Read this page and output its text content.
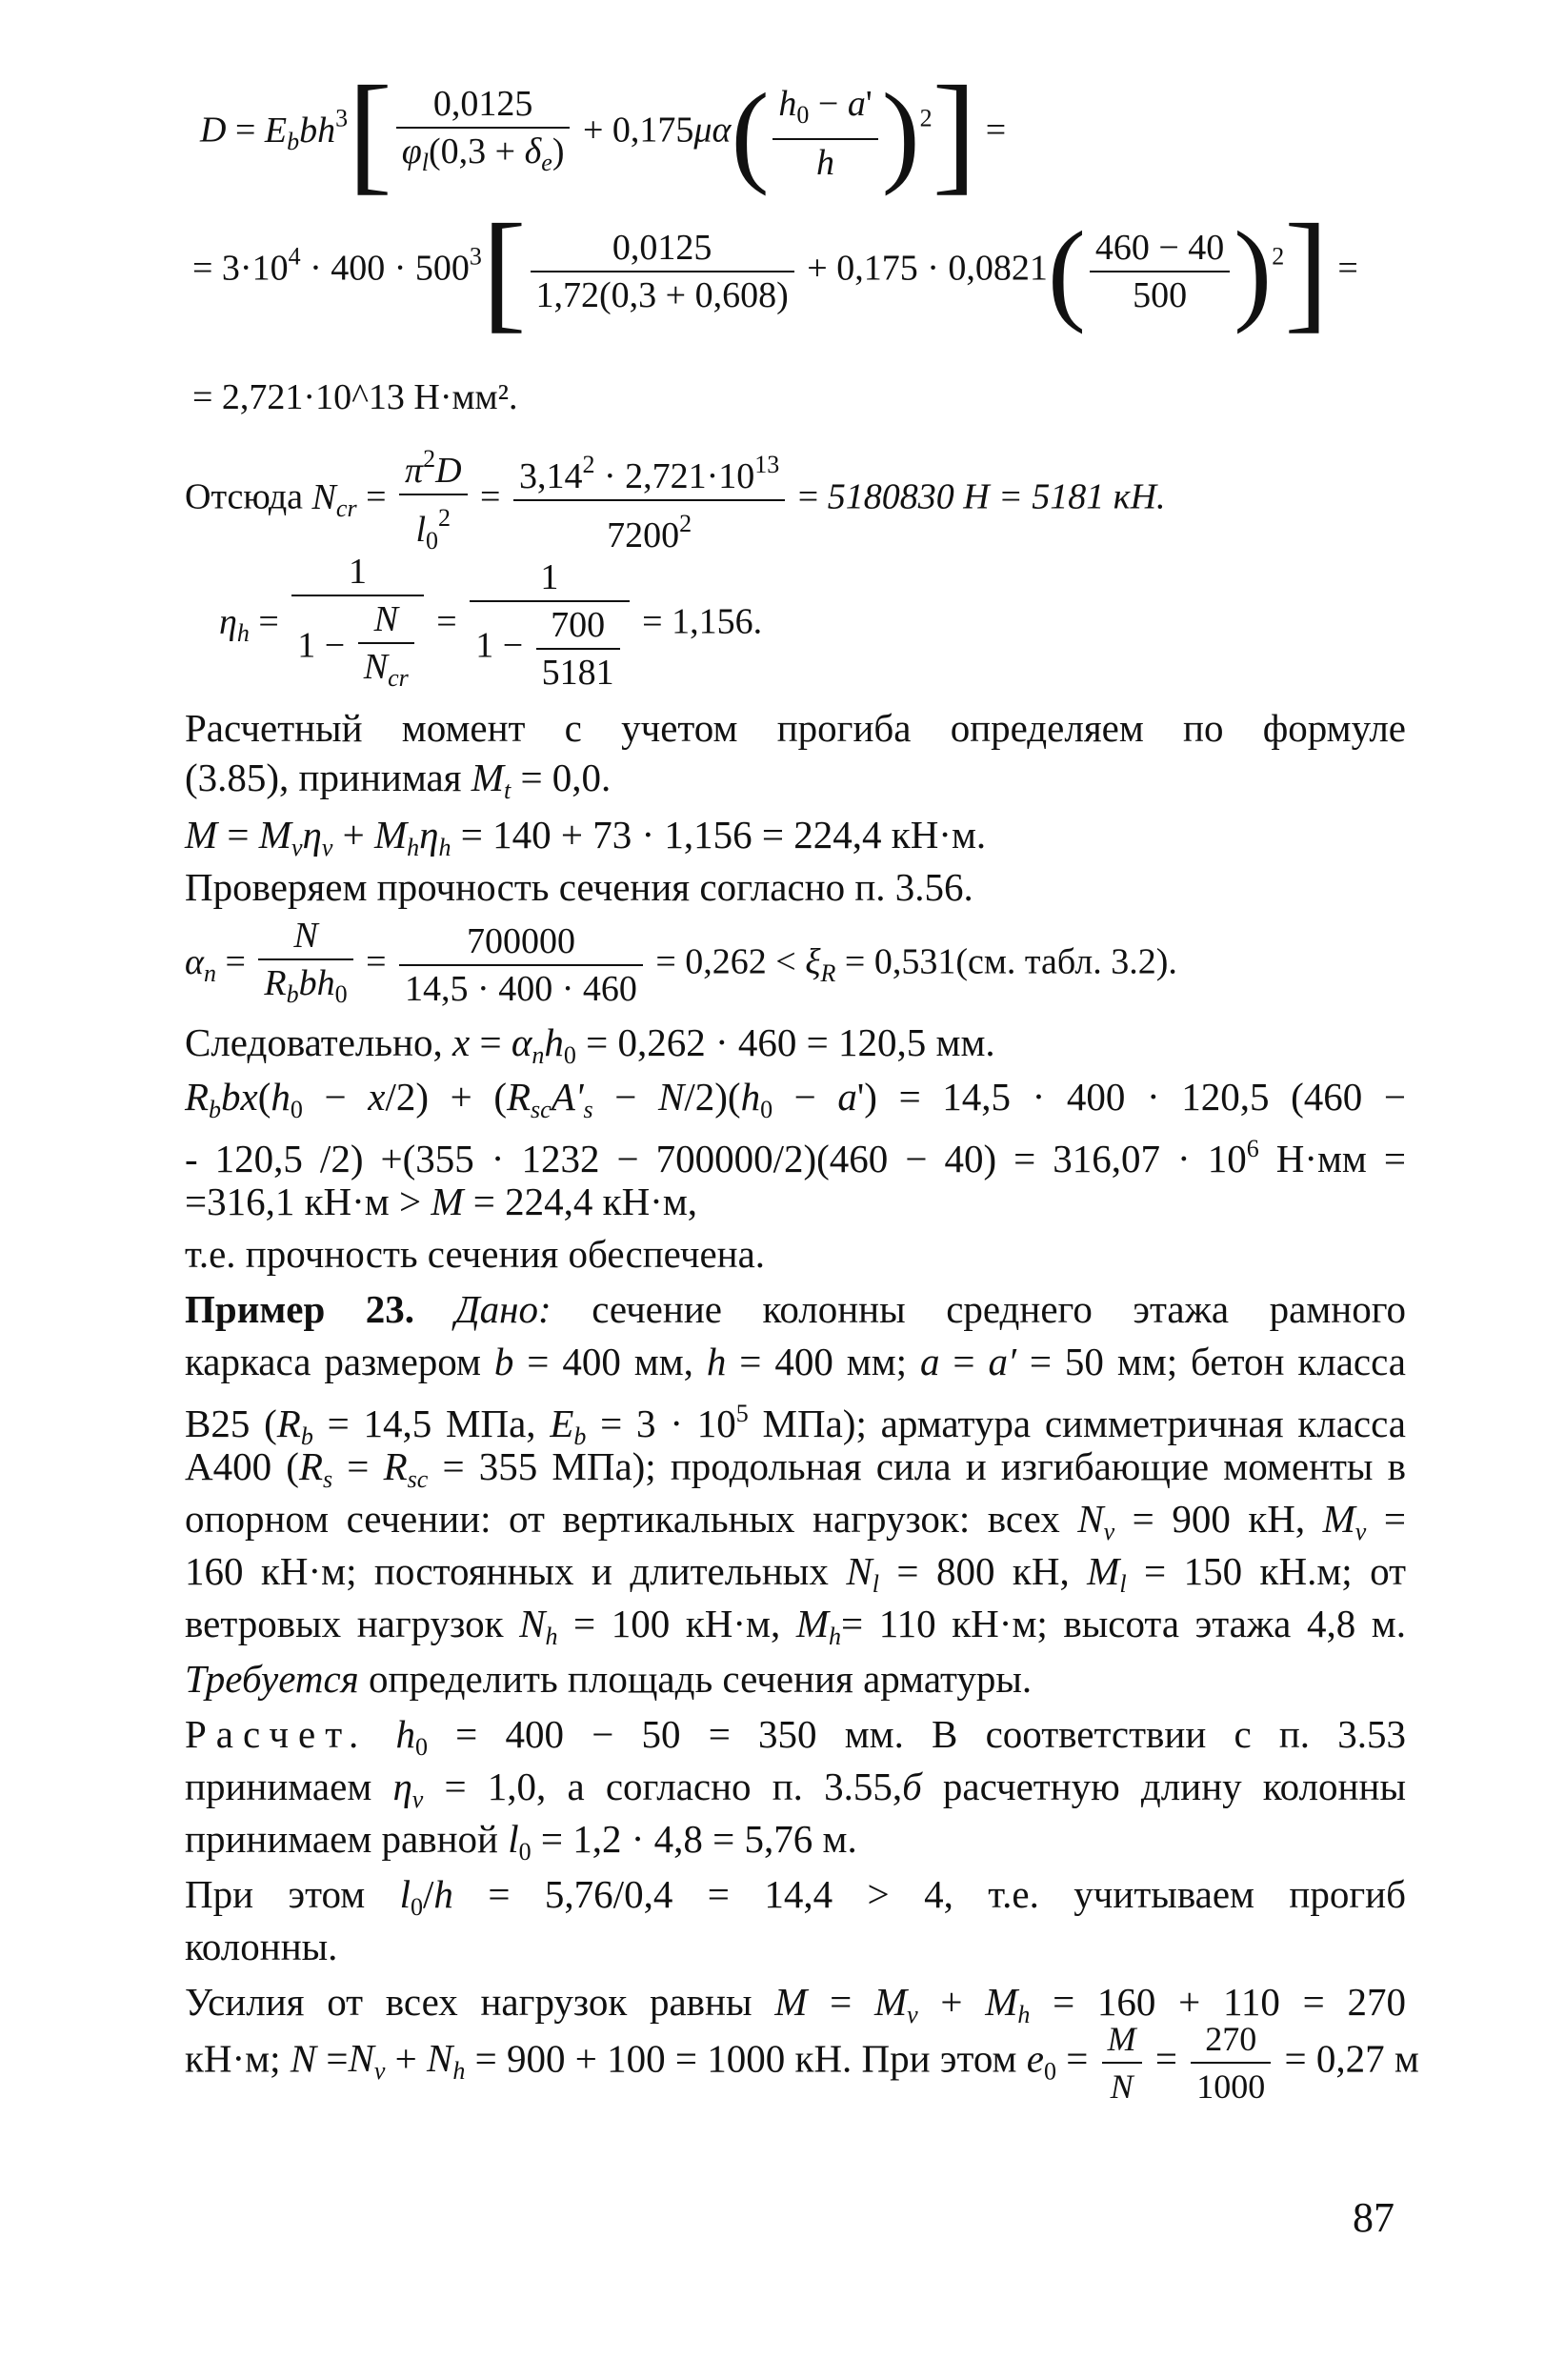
$D = E_bbh^3[ \frac{0,0125}{\varphi_l(0,3 + \delta_e)} + 0,175\mu\alpha( \frac{h_0 - a'}{h} )^2]$ =
= $3\cdot 10^4 \cdot 400 \cdot 500^3[ \frac{0,0125}{1,72(0,3 + 0,608)} + 0,175 \cdot 0,0821( \frac{460 - 40}{500} )^2]$ =
= 2,721·10^13 Н·мм².
Отсюда $N_{cr} = \frac{\pi^2D}{l_0^2} = \frac{3,14^2 \cdot 2,721\cdot 10^{13}}{7200^2} = 5180830$ Н = 5181 кН.
$\eta_h$ =
1
1 −
N
$N_{cr}$
= $\frac{1}{1 - \frac{700}{5181}} = 1,156$.
Расчетный момент с учетом прогиба определяем по формуле
(3.85), принимая $M_t = 0,0$.
$M = M_v\eta_v + M_h\eta_h = 140 + 73 \cdot 1,156 = 224,4$ кН·м.
Проверяем прочность сечения согласно п. 3.56.
$\alpha_n$ =
N
$R_bbh_0$
= $\frac{700000}{14,5 \cdot 400 \cdot 460} = 0,262 < \xi_R = 0,531(см$. табл. 3.2).
Следовательно, $x = \alpha_nh_0 = 0,262 \cdot 460 = 120,5$ мм.
$R_bbx(h_0 - x/2) + (R_{sc}A'_s - N/2)(h_0 - a') = 14,5 \cdot 400 \cdot 120,5$ (460 −
- 120,5 $/2) +(355 \cdot 1232 - 700000/2)(460 - 40) = 316,07 \cdot 10^6$ Н·мм =
=316,1 кН·м > M = 224,4 кН·м,
т.е. прочность сечения обеспечена.
Пример 23. Дано: сечение колонны среднего этажа рамного
каркаса размером b = 400 мм, h = 400 мм; a = a′ = 50 мм; бетон класса
В25 ($R_b = 14,5$ МПа, $E_b = 3 \cdot 10^5$ МПа); арматура симметричная класса
А400 ($R_s = R_{sc} = 355$ МПа); продольная сила и изгибающие моменты в
опорном сечении: от вертикальных нагрузок: всех $N_v = 900$ кН, $M_v$ =
160 кН·м; постоянных и длительных $N_l = 800$ кН, $M_l = 150$ кН.м; от
ветровых нагрузок $N_h = 100$ кН·м, $M_h= 110$ кН·м; высота этажа 4,8 м.
Требуется определить площадь сечения арматуры.
Расчет. $h_0 = 400 - 50 = 350$ мм. В соответствии с п. 3.53
принимаем $\eta_v = 1,0$, а согласно п. 3.55,б расчетную длину колонны
принимаем равной $l_0 = 1,2 \cdot 4,8 = 5,76$ м.
При этом $l_0/h = 5,76/0,4 = 14,4 > 4$, т.е. учитываем прогиб
колонны.
Усилия от всех нагрузок равны $M = M_v + M_h = 160 + 110 = 270$
кН·м; $N =N_v + N_h = 900 + 100 = 1000$ кН. При этом $e_0 = \frac{M}{N} = \frac{270}{1000} = 0,27$ м
87
